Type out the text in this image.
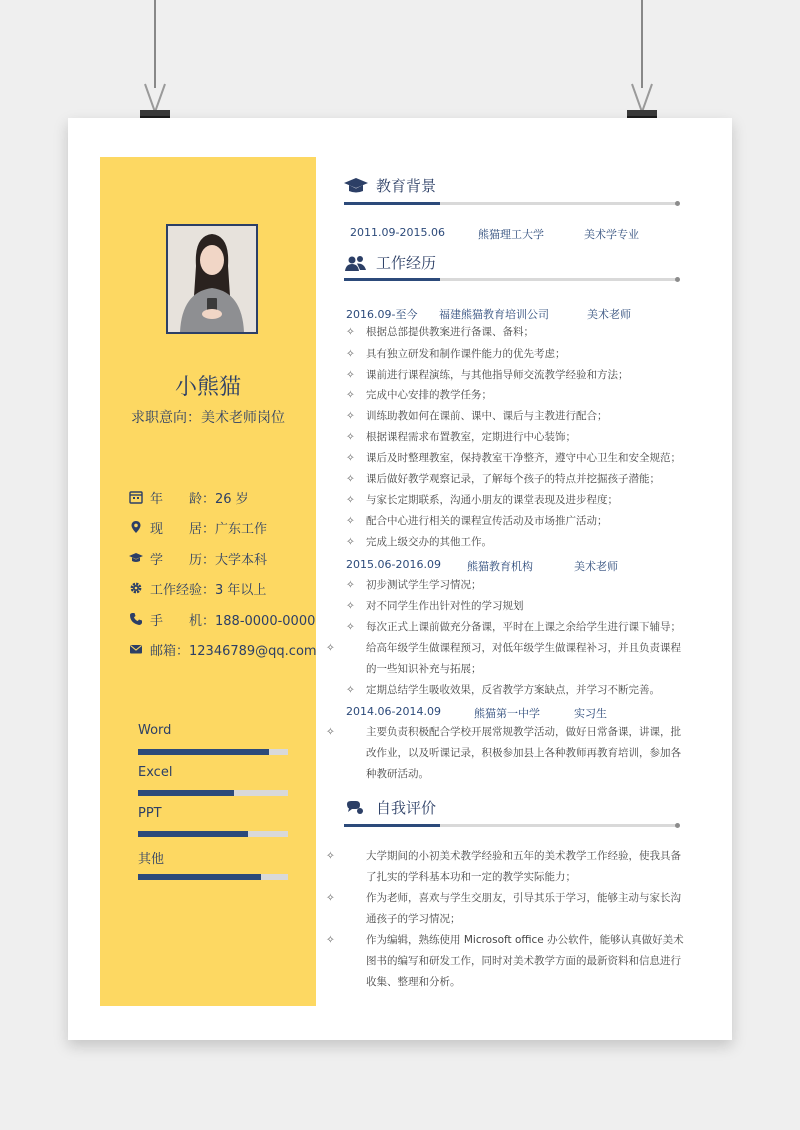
小熊猫
求职意向：美术老师岗位
年　　龄：26 岁
现　　居：广东工作
学　　历：大学本科
工作经验：3 年以上
手　　机：188-0000-0000
邮箱：12346789@qq.com
Word
Excel
PPT
其他
教育背景
2011.09-2015.06	熊猫理工大学	美术学专业
工作经历
2016.09-至今 福建熊猫教育培训公司	美术老师
✧ 根据总部提供教案进行备课、备料；
✧ 具有独立研发和制作课件能力的优先考虑；
✧ 课前进行课程演练，与其他指导师交流教学经验和方法；
✧ 完成中心安排的教学任务；
✧ 训练助教如何在课前、课中、课后与主教进行配合；
✧ 根据课程需求布置教室，定期进行中心装饰；
✧ 课后及时整理教室，保持教室干净整齐，遵守中心卫生和安全规范；
✧ 课后做好教学观察记录，了解每个孩子的特点并挖掘孩子潜能；
✧ 与家长定期联系，沟通小朋友的课堂表现及进步程度；
✧ 配合中心进行相关的课程宣传活动及市场推广活动；
✧ 完成上级交办的其他工作。
2015.06-2016.09 熊猫教育机构	美术老师
✧ 初步测试学生学习情况；
✧ 对不同学生作出针对性的学习规划
✧ 每次正式上课前做充分备课，平时在上课之余给学生进行课下辅导；
✧	给高年级学生做课程预习，对低年级学生做课程补习，并且负责课程的一些知识补充与拓展；
✧ 定期总结学生吸收效果，反省教学方案缺点，并学习不断完善。
2014.06-2014.09	熊猫第一中学	实习生
✧	主要负责积极配合学校开展常规教学活动，做好日常备课，讲课，批改作业，以及听课记录，积极参加县上各种教师再教育培训，参加各种教研活动。
自我评价
✧	大学期间的小初美术教学经验和五年的美术教学工作经验，使我具备了扎实的学科基本功和一定的教学实际能力；
✧	作为老师，喜欢与学生交朋友，引导其乐于学习，能够主动与家长沟通孩子的学习情况；
✧	作为编辑，熟练使用 Microsoft office 办公软件，能够认真做好美术图书的编写和研发工作，同时对美术教学方面的最新资料和信息进行收集、整理和分析。
